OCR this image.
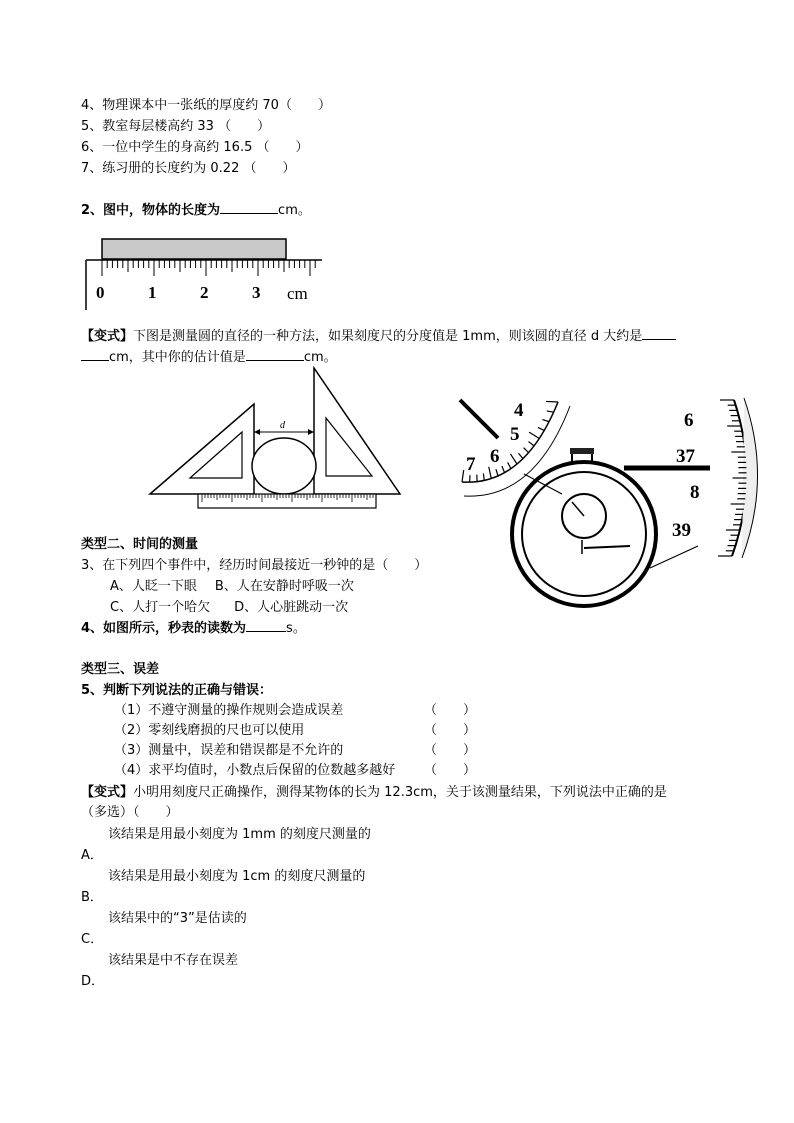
4、物理课本中一张纸的厚度约 70（　　）
5、教室每层楼高约 33 （　　）
6、一位中学生的身高约 16.5 （　　）
7、练习册的长度约为 0.22 （　　）
2、图中，物体的长度为	cm。
0	1	2	3 cm
【变式】下图是测量圆的直径的一种方法，如果刻度尺的分度值是 1mm，则该圆的直径 d 大约是
cm，其中你的估计值是	cm。
d
4
5
6
7
6
37
8
39
类型二、时间的测量
3、在下列四个事件中，经历时间最接近一秒钟的是（　　）
A、人眨一下眼 B、人在安静时呼吸一次
C、人打一个哈欠 D、人心脏跳动一次
4、如图所示，秒表的读数为	s。
类型三、误差
5、判断下列说法的正确与错误：
（1）不遵守测量的操作规则会造成误差	（　　）
（2）零刻线磨损的尺也可以使用	（　　）
（3）测量中，误差和错误都是不允许的	（　　）
（4）求平均值时，小数点后保留的位数越多越好 （　　）
【变式】小明用刻度尺正确操作，测得某物体的长为 12.3cm，关于该测量结果，下列说法中正确的是
（多选）（　　）
该结果是用最小刻度为 1mm 的刻度尺测量的
A．
该结果是用最小刻度为 1cm 的刻度尺测量的
B．
该结果中的“3”是估读的
C．
该结果是中不存在误差
D．
